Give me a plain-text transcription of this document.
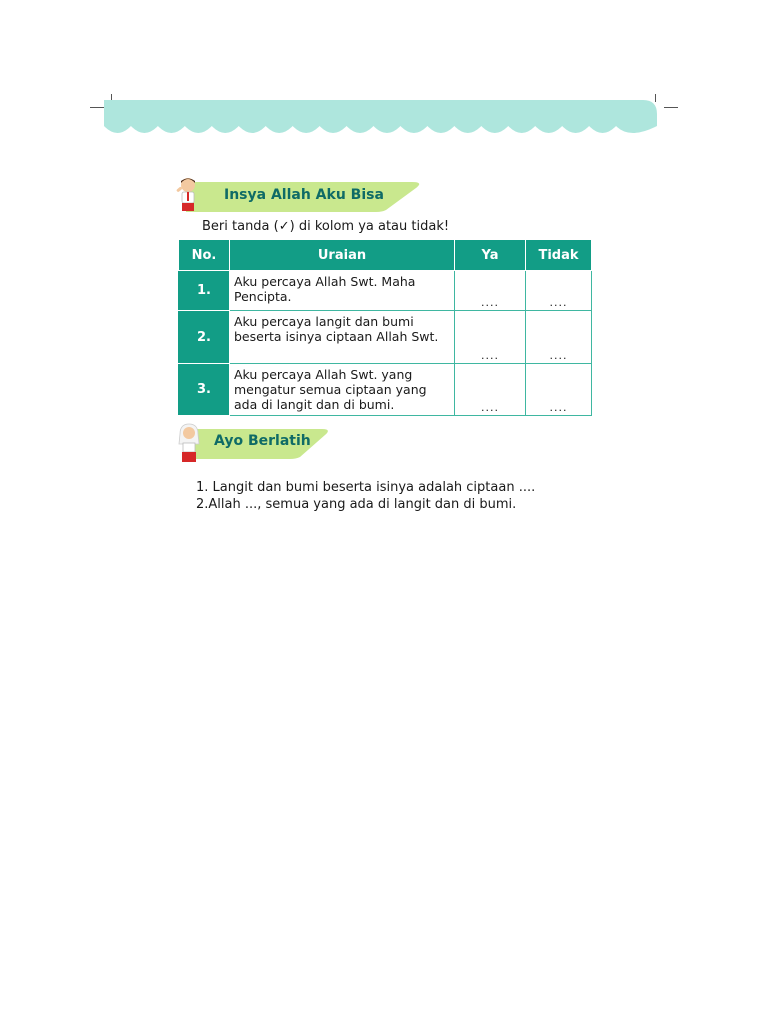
Insya Allah Aku Bisa
Beri tanda (✓) di kolom ya atau tidak!
No.	Uraian	Ya	Tidak
1.	Aku percaya Allah Swt. Maha Pencipta.	....	....
2.	Aku percaya langit dan bumi beserta isinya ciptaan Allah Swt.	....	....
3.	Aku percaya Allah Swt. yang mengatur semua ciptaan yang ada di langit dan di bumi.	....	....
Ayo Berlatih
1. Langit dan bumi beserta isinya adalah ciptaan ....
2.Allah ..., semua yang ada di langit dan di bumi.
